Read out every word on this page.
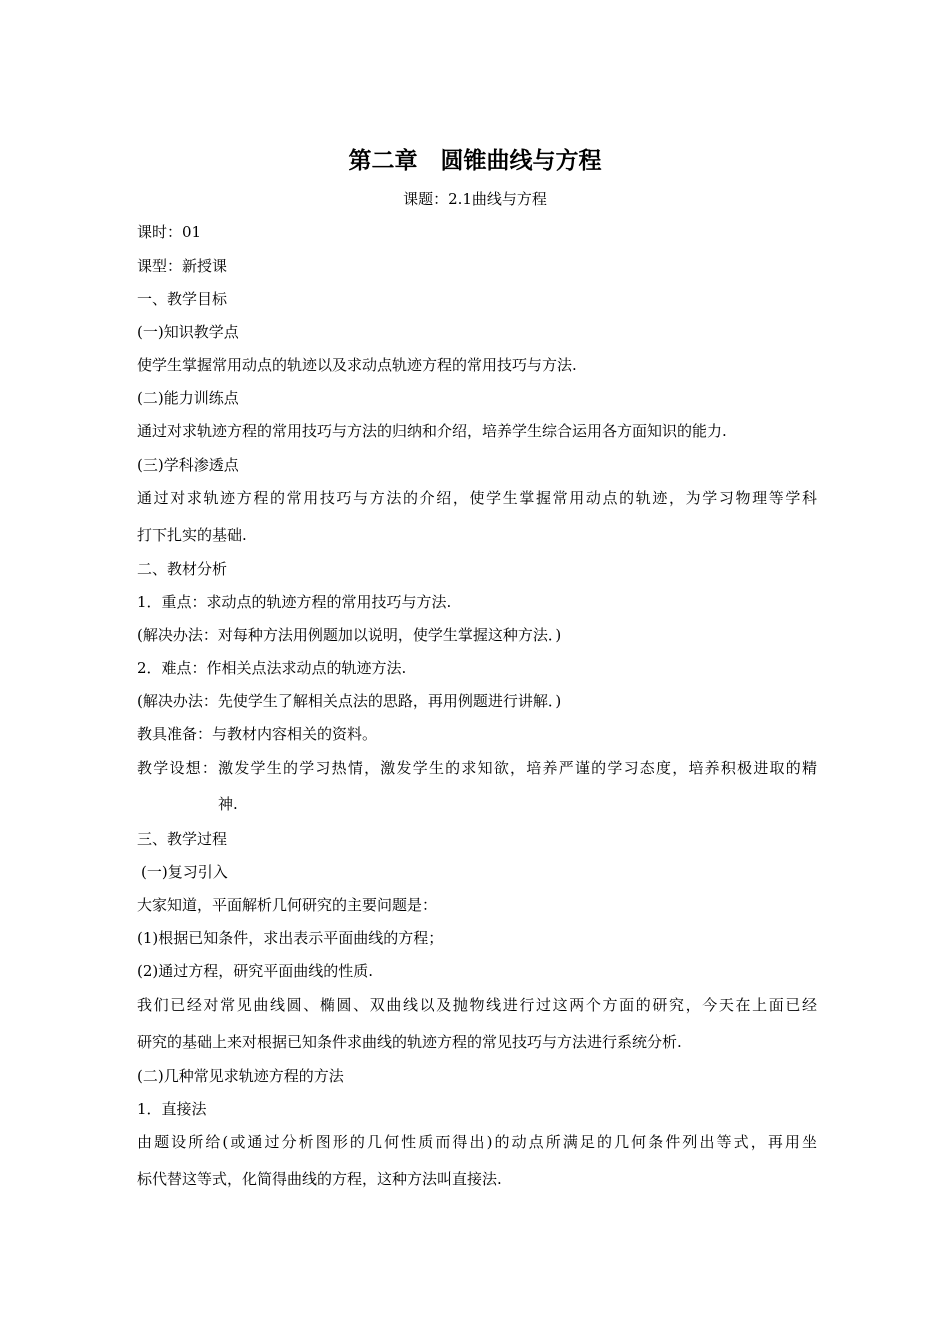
第二章　圆锥曲线与方程
课题：2.1曲线与方程
课时：01
课型：新授课
一、教学目标
(一)知识教学点
使学生掌握常用动点的轨迹以及求动点轨迹方程的常用技巧与方法.
(二)能力训练点
通过对求轨迹方程的常用技巧与方法的归纳和介绍，培养学生综合运用各方面知识的能力.
(三)学科渗透点
通过对求轨迹方程的常用技巧与方法的介绍，使学生掌握常用动点的轨迹，为学习物理等学科
打下扎实的基础.
二、教材分析
1．重点：求动点的轨迹方程的常用技巧与方法.
(解决办法：对每种方法用例题加以说明，使学生掌握这种方法．)
2．难点：作相关点法求动点的轨迹方法.
(解决办法：先使学生了解相关点法的思路，再用例题进行讲解．)
教具准备：与教材内容相关的资料。
教学设想：激发学生的学习热情，激发学生的求知欲，培养严谨的学习态度，培养积极进取的精
神.
三、教学过程
(一)复习引入
大家知道，平面解析几何研究的主要问题是：
(1)根据已知条件，求出表示平面曲线的方程；
(2)通过方程，研究平面曲线的性质.
我们已经对常见曲线圆、椭圆、双曲线以及抛物线进行过这两个方面的研究，今天在上面已经
研究的基础上来对根据已知条件求曲线的轨迹方程的常见技巧与方法进行系统分析.
(二)几种常见求轨迹方程的方法
1．直接法
由题设所给(或通过分析图形的几何性质而得出)的动点所满足的几何条件列出等式，再用坐
标代替这等式，化简得曲线的方程，这种方法叫直接法.
